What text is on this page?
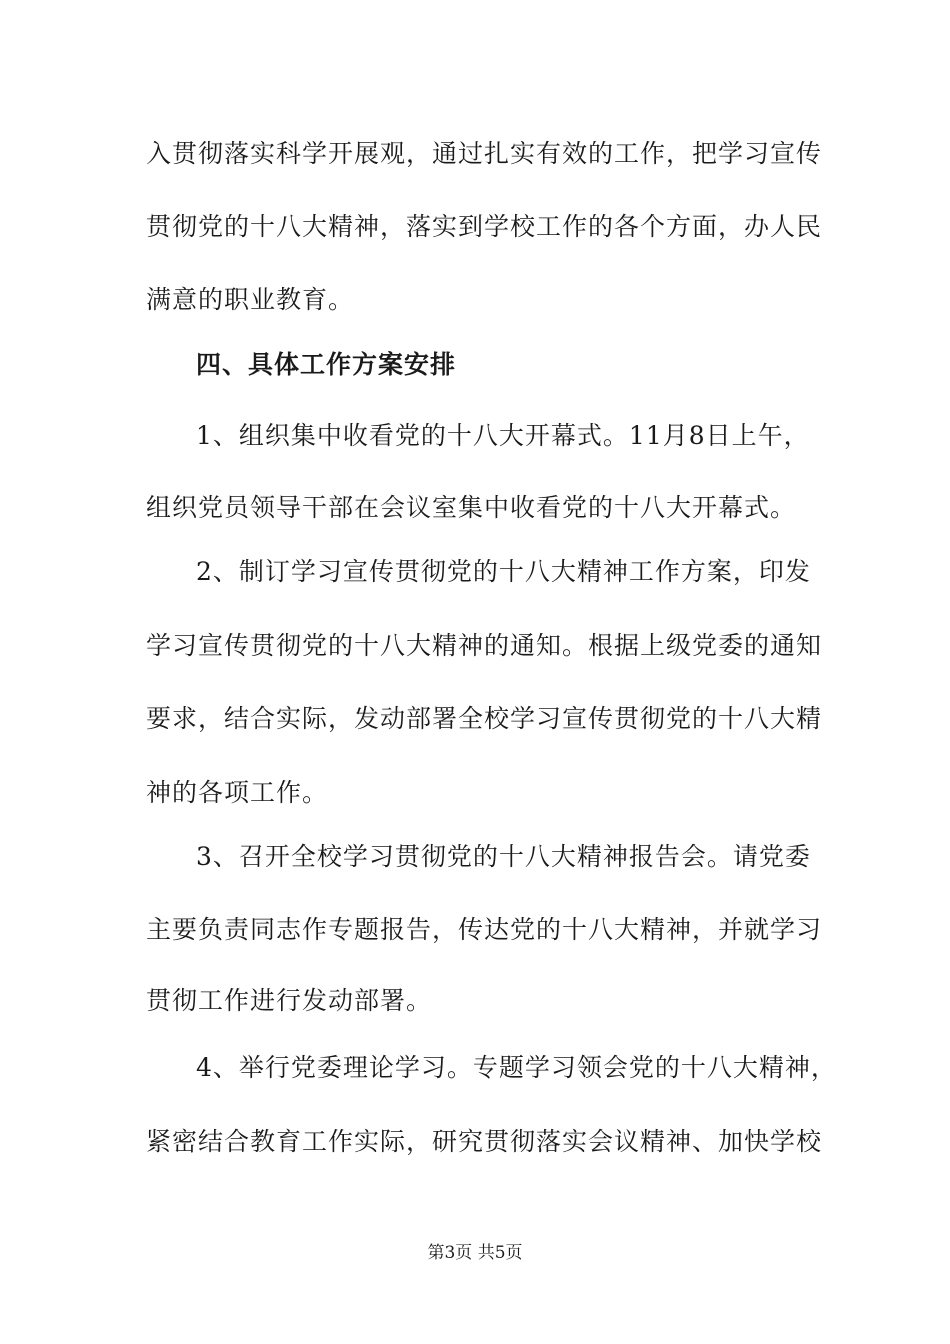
入贯彻落实科学开展观，通过扎实有效的工作，把学习宣传
贯彻党的十八大精神，落实到学校工作的各个方面，办人民
满意的职业教育。
四、具体工作方案安排
1、组织集中收看党的十八大开幕式。11月8日上午，
组织党员领导干部在会议室集中收看党的十八大开幕式。
2、制订学习宣传贯彻党的十八大精神工作方案，印发
学习宣传贯彻党的十八大精神的通知。根据上级党委的通知
要求，结合实际，发动部署全校学习宣传贯彻党的十八大精
神的各项工作。
3、召开全校学习贯彻党的十八大精神报告会。请党委
主要负责同志作专题报告，传达党的十八大精神，并就学习
贯彻工作进行发动部署。
4、举行党委理论学习。专题学习领会党的十八大精神，
紧密结合教育工作实际，研究贯彻落实会议精神、加快学校
第3页 共5页
